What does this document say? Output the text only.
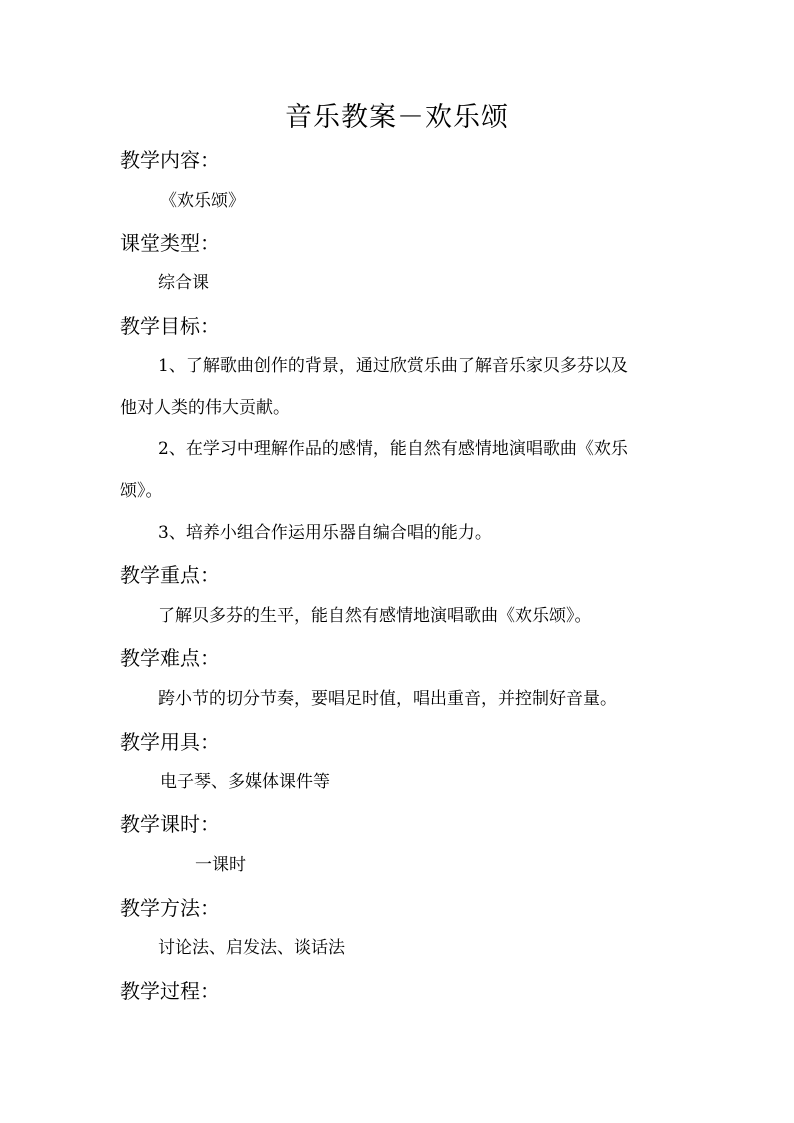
音乐教案－欢乐颂
教学内容：
《欢乐颂》
课堂类型：
综合课
教学目标：
1、了解歌曲创作的背景，通过欣赏乐曲了解音乐家贝多芬以及
他对人类的伟大贡献。
2、在学习中理解作品的感情，能自然有感情地演唱歌曲《欢乐
颂》。
3、培养小组合作运用乐器自编合唱的能力。
教学重点：
了解贝多芬的生平，能自然有感情地演唱歌曲《欢乐颂》。
教学难点：
跨小节的切分节奏，要唱足时值，唱出重音，并控制好音量。
教学用具：
电子琴、多媒体课件等
教学课时：
一课时
教学方法：
讨论法、启发法、谈话法
教学过程：
